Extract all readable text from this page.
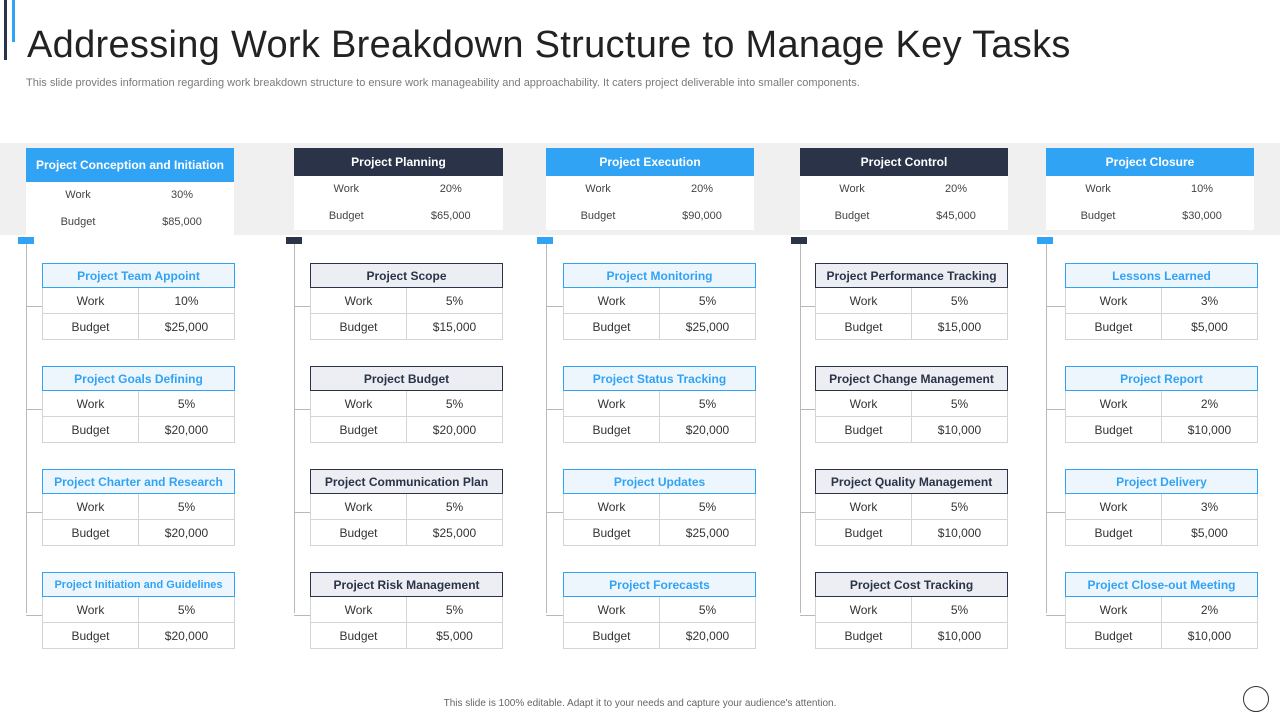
Addressing Work Breakdown Structure to Manage Key Tasks

This slide provides information regarding work breakdown structure to ensure work manageability and approachability. It caters project deliverable into smaller components.

Project Conception and Initiation
Work	30%
Budget	$85,000
Project Team Appoint
Work	10%
Budget	$25,000
Project Goals Defining
Work	5%
Budget	$20,000
Project Charter and Research
Work	5%
Budget	$20,000
Project Initiation and Guidelines
Work	5%
Budget	$20,000
Project Planning
Work	20%
Budget	$65,000
Project Scope
Work	5%
Budget	$15,000
Project Budget
Work	5%
Budget	$20,000
Project Communication Plan
Work	5%
Budget	$25,000
Project Risk Management
Work	5%
Budget	$5,000
Project Execution
Work	20%
Budget	$90,000
Project Monitoring
Work	5%
Budget	$25,000
Project Status Tracking
Work	5%
Budget	$20,000
Project Updates
Work	5%
Budget	$25,000
Project Forecasts
Work	5%
Budget	$20,000
Project Control
Work	20%
Budget	$45,000
Project Performance Tracking
Work	5%
Budget	$15,000
Project Change Management
Work	5%
Budget	$10,000
Project Quality Management
Work	5%
Budget	$10,000
Project Cost Tracking
Work	5%
Budget	$10,000
Project Closure
Work	10%
Budget	$30,000
Lessons Learned
Work	3%
Budget	$5,000
Project Report
Work	2%
Budget	$10,000
Project Delivery
Work	3%
Budget	$5,000
Project Close-out Meeting
Work	2%
Budget	$10,000
This slide is 100% editable. Adapt it to your needs and capture your audience's attention.
